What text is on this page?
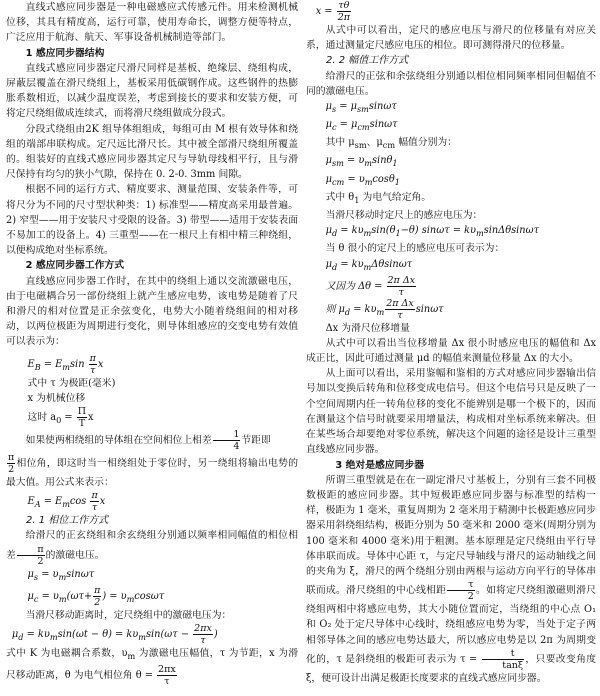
直线式感应同步器是一种电磁感应式传感元件。用来检测机械位移，其具有精度高，运行可靠，使用寿命长，调整方便等特点，广泛应用于航海、航天、军事设备机械制造等部门。

1 感应同步器结构

直线式感应同步器定尺滑尺同样是基板、绝缘层、绕组构成，屏蔽层覆盖在滑尺绕组上，基板采用低碳钢作成。这些钢件的热膨胀系数相近，以减少温度误差，考虑到接长的要求和安装方便，可将定尺绕组做成连续式，而将滑尺绕组做成分段式。

分段式绕组由2K 组导体组组成，每组可由 M 根有效导体和绕组的端部串联构成。定尺远比滑尺长。其中被全部滑尺绕组所覆盖的。组装好的直线式感应同步器其定尺与导轨母线相平行，且与滑尺保持有均匀的狭小气隙，保持在 0. 2-0. 3mm 间隙。

根据不同的运行方式、精度要求、测量范围、安装条件等，可将尺分为不同的尺寸型状种类：1) 标准型——精度高采用最普遍。2) 窄型——用于安装尺寸受限的设备。3) 带型——适用于安装表面不易加工的设备上。4) 三重型——在一根尺上有相中精三种绕组，以便构成绝对坐标系统。

2 感应同步器工作方式

直线感应同步器工作时，在其中的绕组上通以交流激磁电压，由于电磁耦合另一部份绕组上就产生感应电势，该电势是随着了尺和滑尺的相对位置是正余弦变化，电势大小随着绕组间的相对移动，以两位极距为周期进行变化，则导体组感应的交变电势有效值可以表示为：

$E_B = E_m\sin \frac{\pi}{\tau}$ x

式中 τ 为极距(毫米)

x 为机械位移

这时 $a_0 = \frac{\Pi}{T}$ x

如果使两相绕组的导体组在空间相位上相差 $\frac{1}{4}$ 节距即

$\frac{\pi}{2}$ 相位角，即这时当一相绕组处于零位时，另一绕组将输出电势的最大值。用公式来表示：

$E_A = E_m\cos \frac{\pi}{\tau}$ x

2. 1 相位工作方式

给滑尺的正玄绕组和余玄绕组分别通以频率相同幅值的相位相差 $\frac{\pi}{2}$ 的激磁电压。

$\mu_s = \upsilon_m\sin\omega\tau$

$\mu_c = \upsilon_m(\omega\tau+ \frac{\pi}{2}$ ) = $\upsilon_m\cos\omega\tau$

当滑尺移动距离时，定尺绕组中的激磁电压为：

$\mu_d = k\upsilon_m\sin(\omega t - \theta) = k\upsilon_m\sin(\omega\tau - \frac{2\pi x}{\tau}$ )

式中 K 为电磁耦合系数，$\upsilon_m$ 为激磁电压幅值，τ 为节距，x 为滑尺移动距离，θ 为电气相位角 $\theta = \frac{2\pi x}{\tau}$

$x = \frac{\tau\theta}{2\pi}$

从式中可以看出，定尺的感应电压与滑尺的位移量有对应关系，通过测量定尺感应电压的相位。即可测得滑尺的位移量。

2. 2 幅值工作方式

给滑尺的正弦和余弦绕组分别通以相位相同频率相同但幅值不同的激磁电压。

$\mu_s = \mu_{sm}\sin\omega\tau$

$\mu_c = \mu_{cm}\sin\omega\tau$

其中 $\mu_{sm}$、$\mu_{cm}$ 幅值分别为：

$\mu_{sm} = \upsilon_m\sin\theta_1$

$\mu_{cm} = \upsilon_m\cos\theta_1$

式中 $\theta_1$ 为电气给定角。

当滑尺移动时定尺上的感应电压为：

$\mu_d = k\upsilon_m\sin(\theta_1-\theta) \sin\omega\tau = k\upsilon_m\sin\Delta\theta\sin\omega\tau$

当 θ 很小的定尺上的感应电压可表示为：

$\mu_d = k\upsilon_m\Delta\theta\sin\omega\tau$

又因为 $\Delta\theta = \frac{\text{2π Δx}}{\tau}$

则 $\mu_d = k\upsilon_m \frac{\text{2π Δx}}{\tau}$ sinωτ

Δx 为滑尺位移增量

从式中可以看出当位移增量 Δx 很小时感应电压的幅值和 Δx 成正比，因此可通过测量 μd 的幅值来测量位移量 Δx 的大小。

从上面可以看出，采用鉴幅和鉴相的方式对感应同步器输出信号加以变换后转角和位移变成电信号。但这个电信号只是反映了一个空间周期内任一转角位移的变化不能辨别是哪一个极下的，因而在测量这个信号时就要采用增量法，构成相对坐标系统来解决。但在某些场合却要绝对零位系统，解决这个问题的途径是设计三重型直线感应同步器。

3 绝对是感应同步器

所谓三重型就是在在一副定滑尺寸基板上，分别有三套不同极数极距的感应同步器。其中短极距感应同步器与标准型的结构一样，极距为 1 毫米，重复周期为 2 毫米用于精测中长极距感应同步器采用斜绕组结构，极距分别为 50 毫米和 2000 毫米(周期分别为 100 毫米和 4000 毫米)用于粗测。基本原理是定尺绕组由平行导体串联而成。导体中心距 τ，与定尺导轴线与滑尺的运动轴线之间的夹角为 ξ，滑尺的两个绕组分别由两根与运动方向平行的导体串联而成。滑尺绕组的中心线相距 $\frac{\tau}{2}$ 。如将定尺绕组激磁则滑尺绕组两相中将感应电势，其大小随位置而定，当绕组的中心点 O₁ 和 O₂ 处于定尺导体中心线时，绕组感应电势为零，当处于定子两相邻导体之间的感应电势达最大，所以感应电势是以 2π 为周期变化的，τ 是斜绕组的极距可表示为 $\tau = \frac{t}{\tan\xi}$ ，只要改变角度 ξ，便可设计出满足极距长度要求的直线式感应同步器。
